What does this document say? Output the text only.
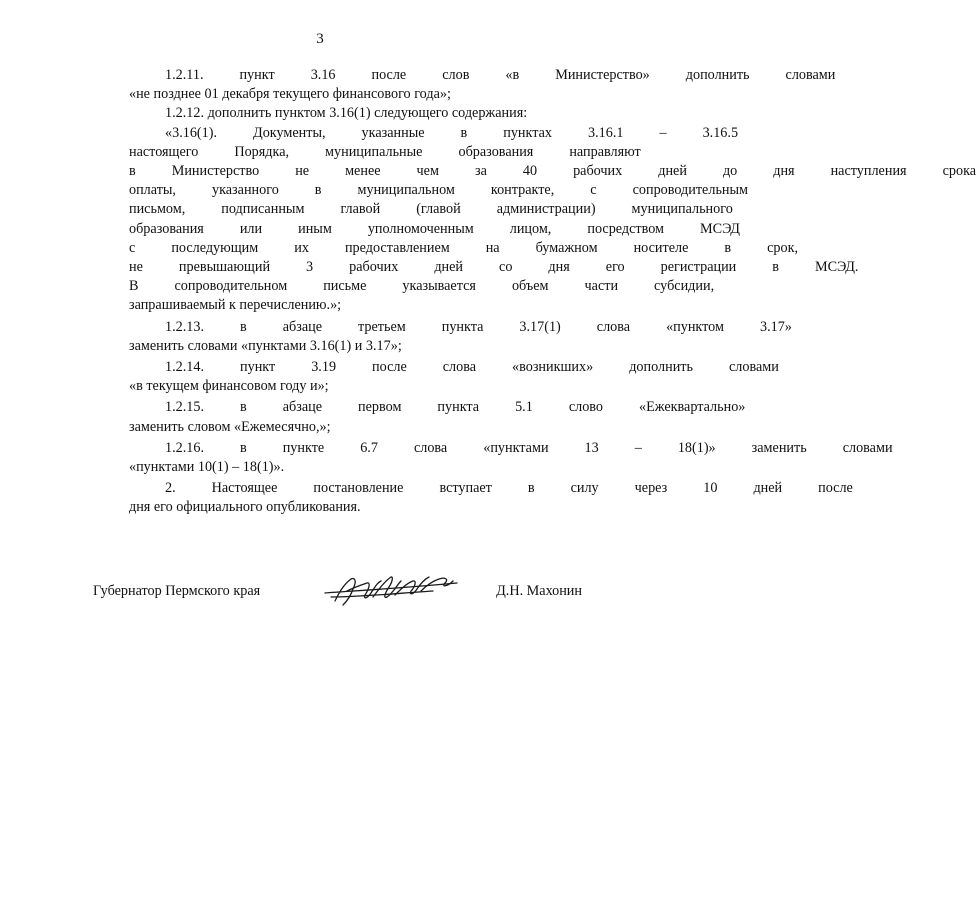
3
1.2.11.	пункт	3.16	после	слов	«в	Министерство»	дополнить	словами
«не позднее 01 декабря текущего финансового года»;
1.2.12. дополнить пунктом 3.16(1) следующего содержания:
«3.16(1).	Документы,	указанные	в	пунктах	3.16.1	–	3.16.5
настоящего	Порядка,	муниципальные	образования	направляют
в	Министерство	не	менее	чем	за	40	рабочих	дней	до	дня	наступления	срока
оплаты,	указанного	в	муниципальном	контракте,	с	сопроводительным
письмом,	подписанным	главой	(главой	администрации)	муниципального
образования	или	иным	уполномоченным	лицом,	посредством	МСЭД
с	последующим	их	предоставлением	на	бумажном	носителе	в	срок,
не	превышающий	3	рабочих	дней	со	дня	его	регистрации	в	МСЭД.
В	сопроводительном	письме	указывается	объем	части	субсидии,
запрашиваемый к перечислению.»;
1.2.13.	в	абзаце	третьем	пункта	3.17(1)	слова	«пунктом	3.17»
заменить словами «пунктами 3.16(1) и 3.17»;
1.2.14.	пункт	3.19	после	слова	«возникших»	дополнить	словами
«в текущем финансовом году и»;
1.2.15.	в	абзаце	первом	пункта	5.1	слово	«Ежеквартально»
заменить словом «Ежемесячно,»;
1.2.16.	в	пункте	6.7	слова	«пунктами	13	–	18(1)»	заменить	словами
«пунктами 10(1) – 18(1)».
2.	Настоящее	постановление	вступает	в	силу	через	10	дней	после
дня его официального опубликования.
Губернатор Пермского края	Д.Н. Махонин
